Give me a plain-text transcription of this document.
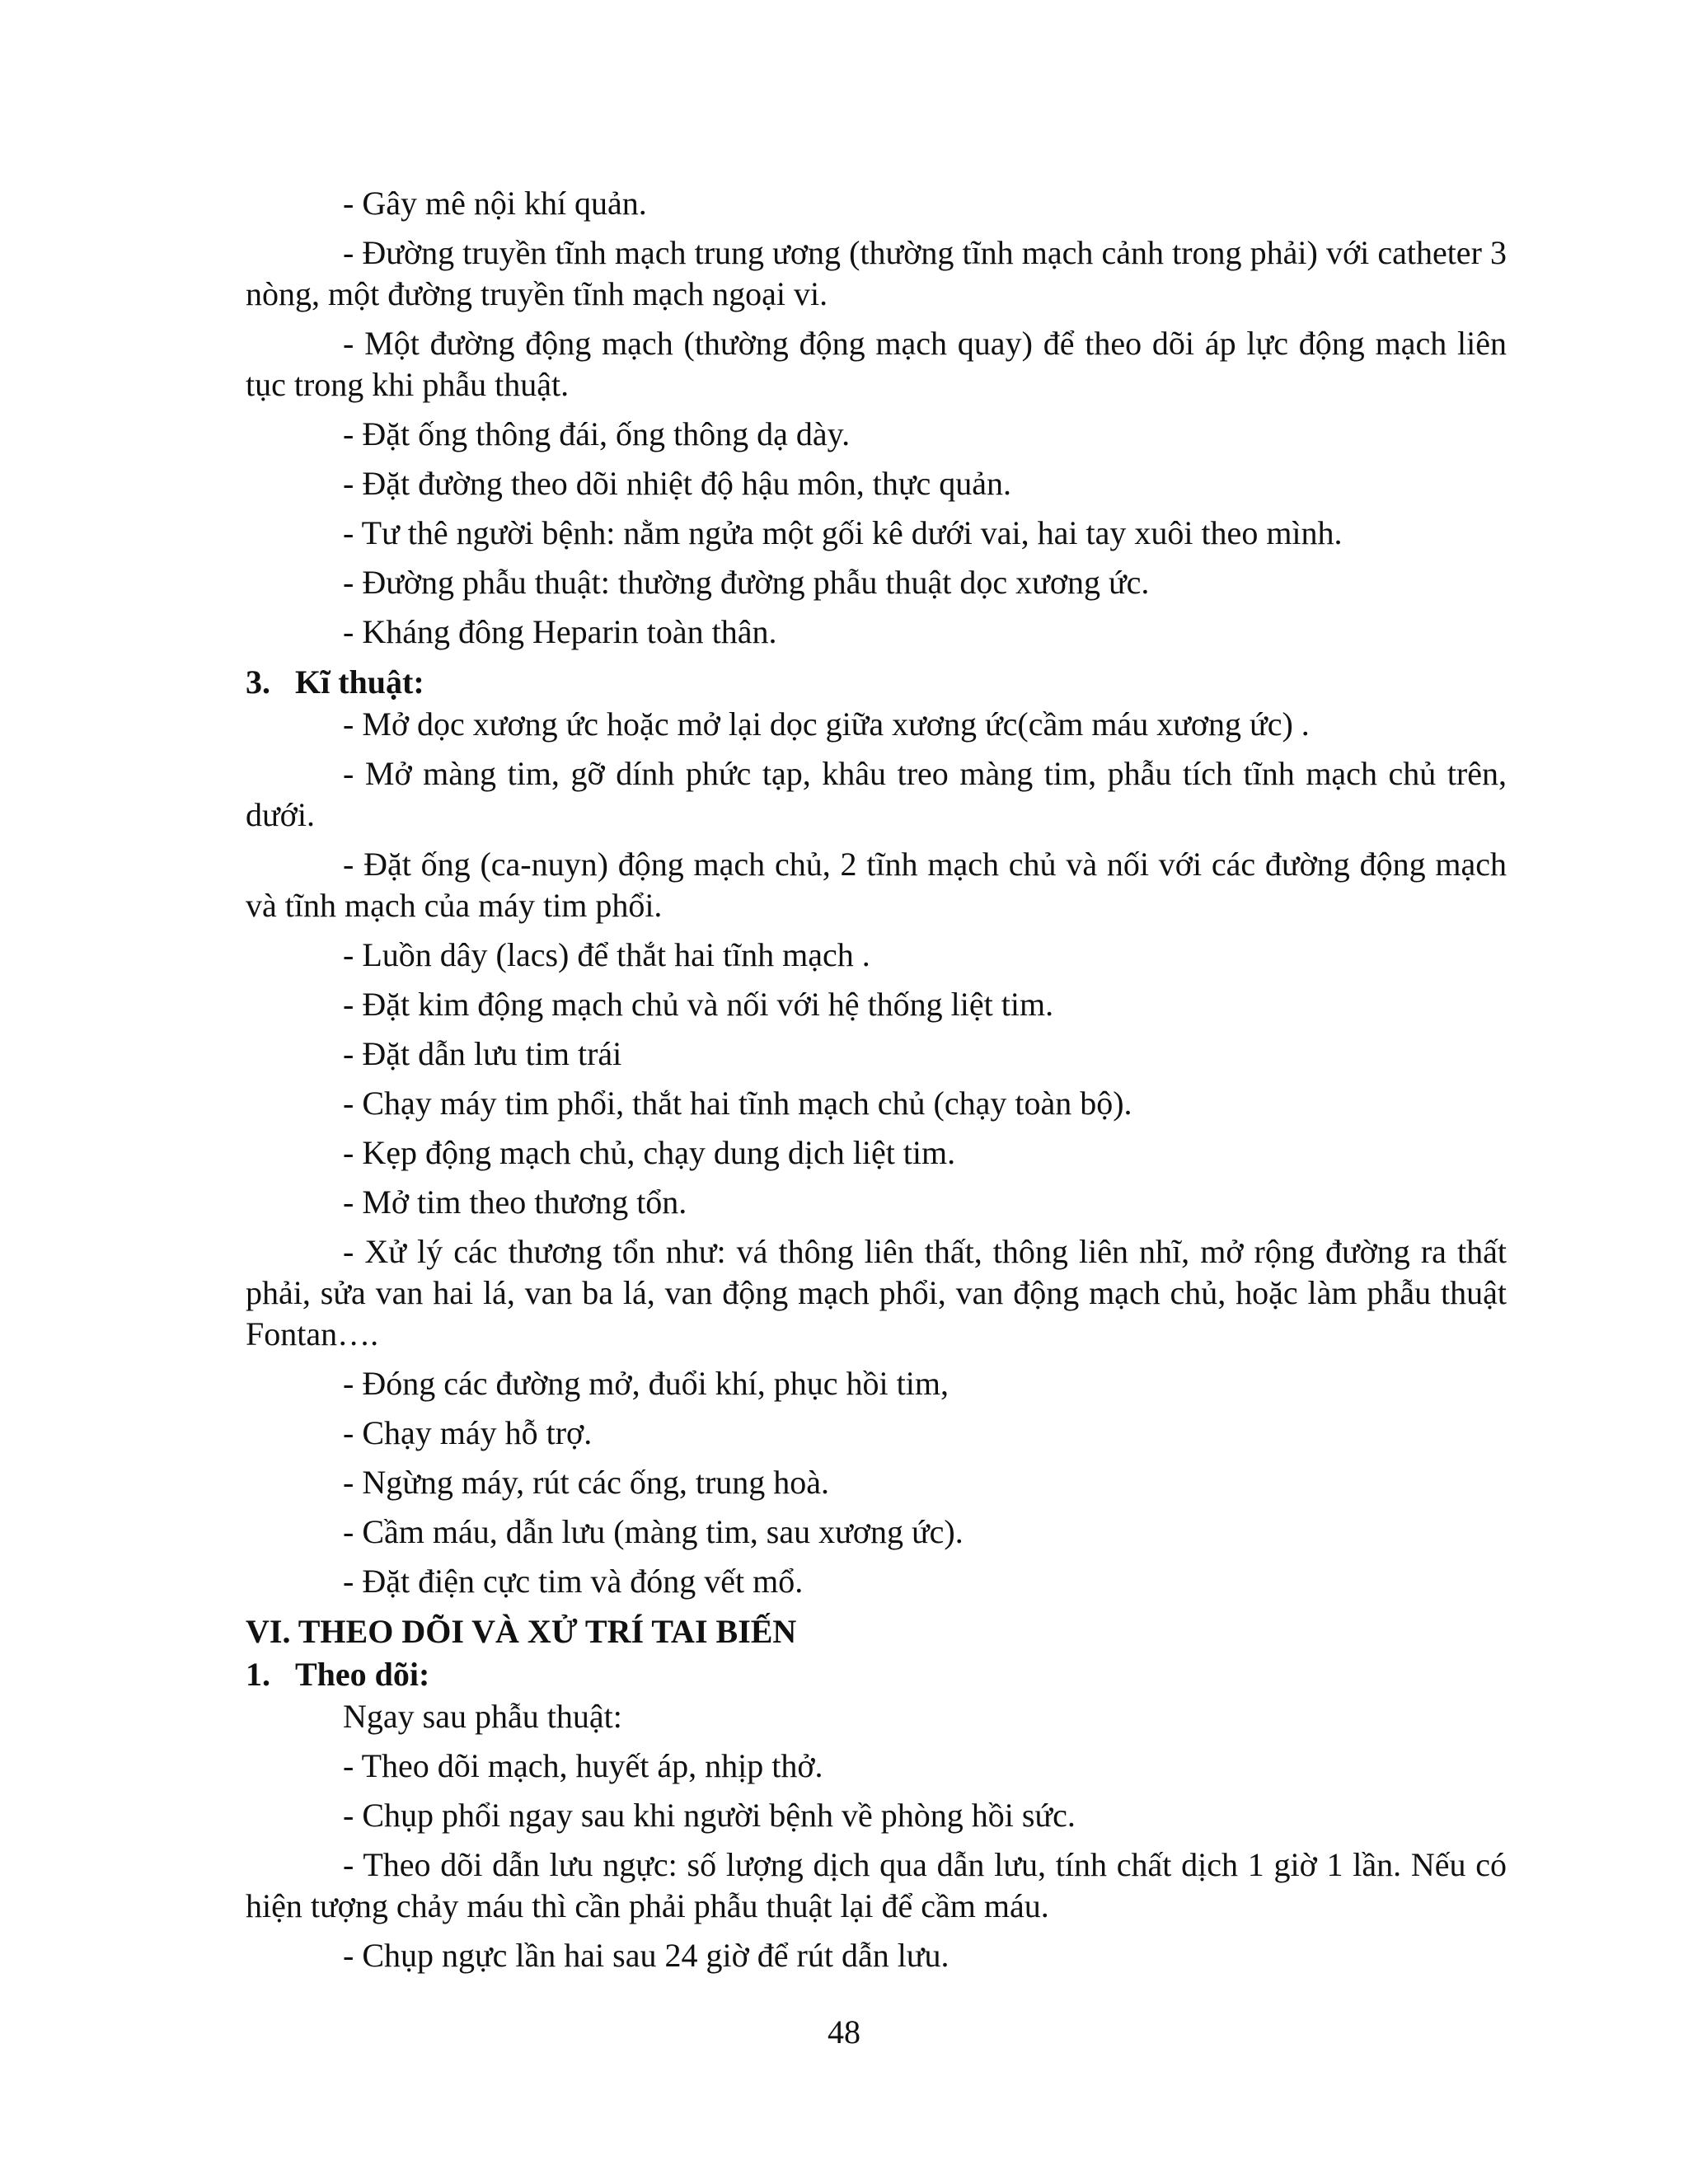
- Gây mê nội khí quản.

- Đường truyền tĩnh mạch trung ương (thường tĩnh mạch cảnh trong phải) với catheter 3 nòng, một đường truyền tĩnh mạch ngoại vi.

- Một đường động mạch (thường động mạch quay) để theo dõi áp lực động mạch liên tục trong khi phẫu thuật.

- Đặt ống thông đái, ống thông dạ dày.

- Đặt đường theo dõi nhiệt độ hậu môn, thực quản.

- Tư thê người bệnh: nằm ngửa một gối kê dưới vai, hai tay xuôi theo mình.

- Đường phẫu thuật: thường đường phẫu thuật dọc xương ức.

- Kháng đông Heparin toàn thân.

3. Kĩ thuật:

- Mở dọc xương ức hoặc mở lại dọc giữa xương ức(cầm máu xương ức) .

- Mở màng tim, gỡ dính phức tạp, khâu treo màng tim, phẫu tích tĩnh mạch chủ trên, dưới.

- Đặt ống (ca-nuyn) động mạch chủ, 2 tĩnh mạch chủ và nối với các đường động mạch và tĩnh mạch của máy tim phổi.

- Luồn dây (lacs) để thắt hai tĩnh mạch .

- Đặt kim động mạch chủ và nối với hệ thống liệt tim.

- Đặt dẫn lưu tim trái

- Chạy máy tim phổi, thắt hai tĩnh mạch chủ (chạy toàn bộ).

- Kẹp động mạch chủ, chạy dung dịch liệt tim.

- Mở tim theo thương tổn.

- Xử lý các thương tổn như: vá thông liên thất, thông liên nhĩ, mở rộng đường ra thất phải, sửa van hai lá, van ba lá, van động mạch phổi, van động mạch chủ, hoặc làm phẫu thuật Fontan….

- Đóng các đường mở, đuổi khí, phục hồi tim,

- Chạy máy hỗ trợ.

- Ngừng máy, rút các ống, trung hoà.

- Cầm máu, dẫn lưu (màng tim, sau xương ức).

- Đặt điện cực tim và đóng vết mổ.

VI. THEO DÕI VÀ XỬ TRÍ TAI BIẾN
1. Theo dõi:

Ngay sau phẫu thuật:

- Theo dõi mạch, huyết áp, nhịp thở.

- Chụp phổi ngay sau khi người bệnh về phòng hồi sức.

- Theo dõi dẫn lưu ngực: số lượng dịch qua dẫn lưu, tính chất dịch 1 giờ 1 lần. Nếu có hiện tượng chảy máu thì cần phải phẫu thuật lại để cầm máu.

- Chụp ngực lần hai sau 24 giờ để rút dẫn lưu.

48
